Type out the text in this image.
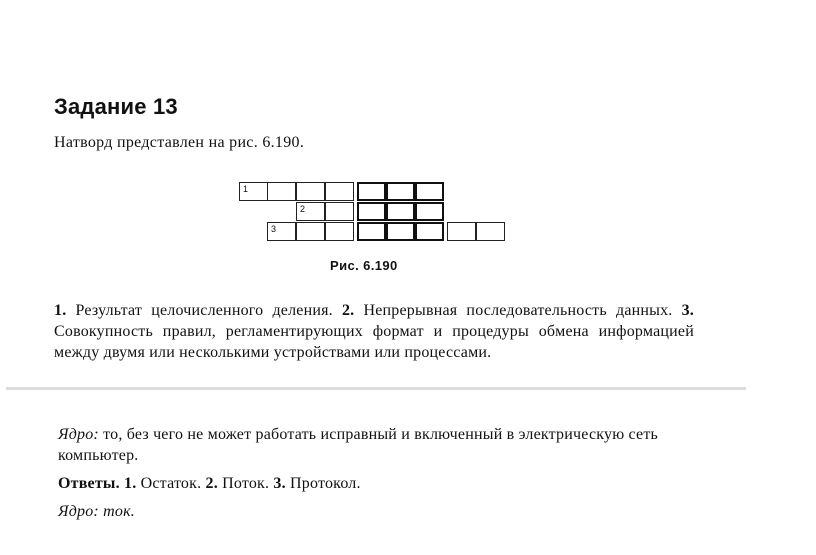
Задание 13
Натворд представлен на рис. 6.190.
1
2
3
Рис. 6.190
1. Результат целочисленного деления. 2. Непрерывная последовательность данных. 3. Совокупность правил, регламентирующих формат и процедуры обмена информацией между двумя или несколькими устройствами или процессами.

Ядро: то, без чего не может работать исправный и включенный в электрическую сеть компьютер.

Ответы. 1. Остаток. 2. Поток. 3. Протокол.

Ядро: ток.
